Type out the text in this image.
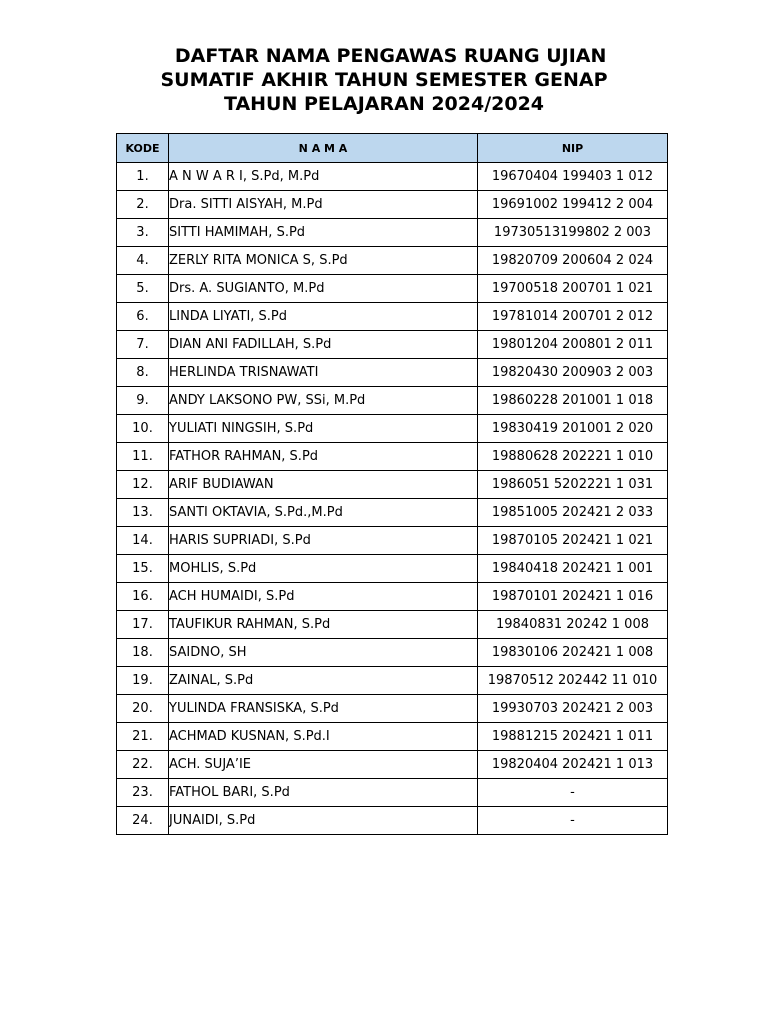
DAFTAR NAMA PENGAWAS RUANG UJIAN
SUMATIF AKHIR TAHUN SEMESTER GENAP
TAHUN PELAJARAN 2024/2024
KODE	N A M A	NIP
1.	A N W A R I, S.Pd, M.Pd	19670404 199403 1 012
2.	Dra. SITTI AISYAH, M.Pd	19691002 199412 2 004
3.	SITTI HAMIMAH, S.Pd	19730513199802 2 003
4.	ZERLY RITA MONICA S, S.Pd	19820709 200604 2 024
5.	Drs. A. SUGIANTO, M.Pd	19700518 200701 1 021
6.	LINDA LIYATI, S.Pd	19781014 200701 2 012
7.	DIAN ANI FADILLAH, S.Pd	19801204 200801 2 011
8.	HERLINDA TRISNAWATI	19820430 200903 2 003
9.	ANDY LAKSONO PW, SSi, M.Pd	19860228 201001 1 018
10.	YULIATI NINGSIH, S.Pd	19830419 201001 2 020
11.	FATHOR RAHMAN, S.Pd	19880628 202221 1 010
12.	ARIF BUDIAWAN	1986051 5202221 1 031
13.	SANTI OKTAVIA, S.Pd.,M.Pd	19851005 202421 2 033
14.	HARIS SUPRIADI, S.Pd	19870105 202421 1 021
15.	MOHLIS, S.Pd	19840418 202421 1 001
16.	ACH HUMAIDI, S.Pd	19870101 202421 1 016
17.	TAUFIKUR RAHMAN, S.Pd	19840831 20242 1 008
18.	SAIDNO, SH	19830106 202421 1 008
19.	ZAINAL, S.Pd	19870512 202442 11 010
20.	YULINDA FRANSISKA, S.Pd	19930703 202421 2 003
21.	ACHMAD KUSNAN, S.Pd.I	19881215 202421 1 011
22.	ACH. SUJA’IE	19820404 202421 1 013
23.	FATHOL BARI, S.Pd	-
24.	JUNAIDI, S.Pd	-
